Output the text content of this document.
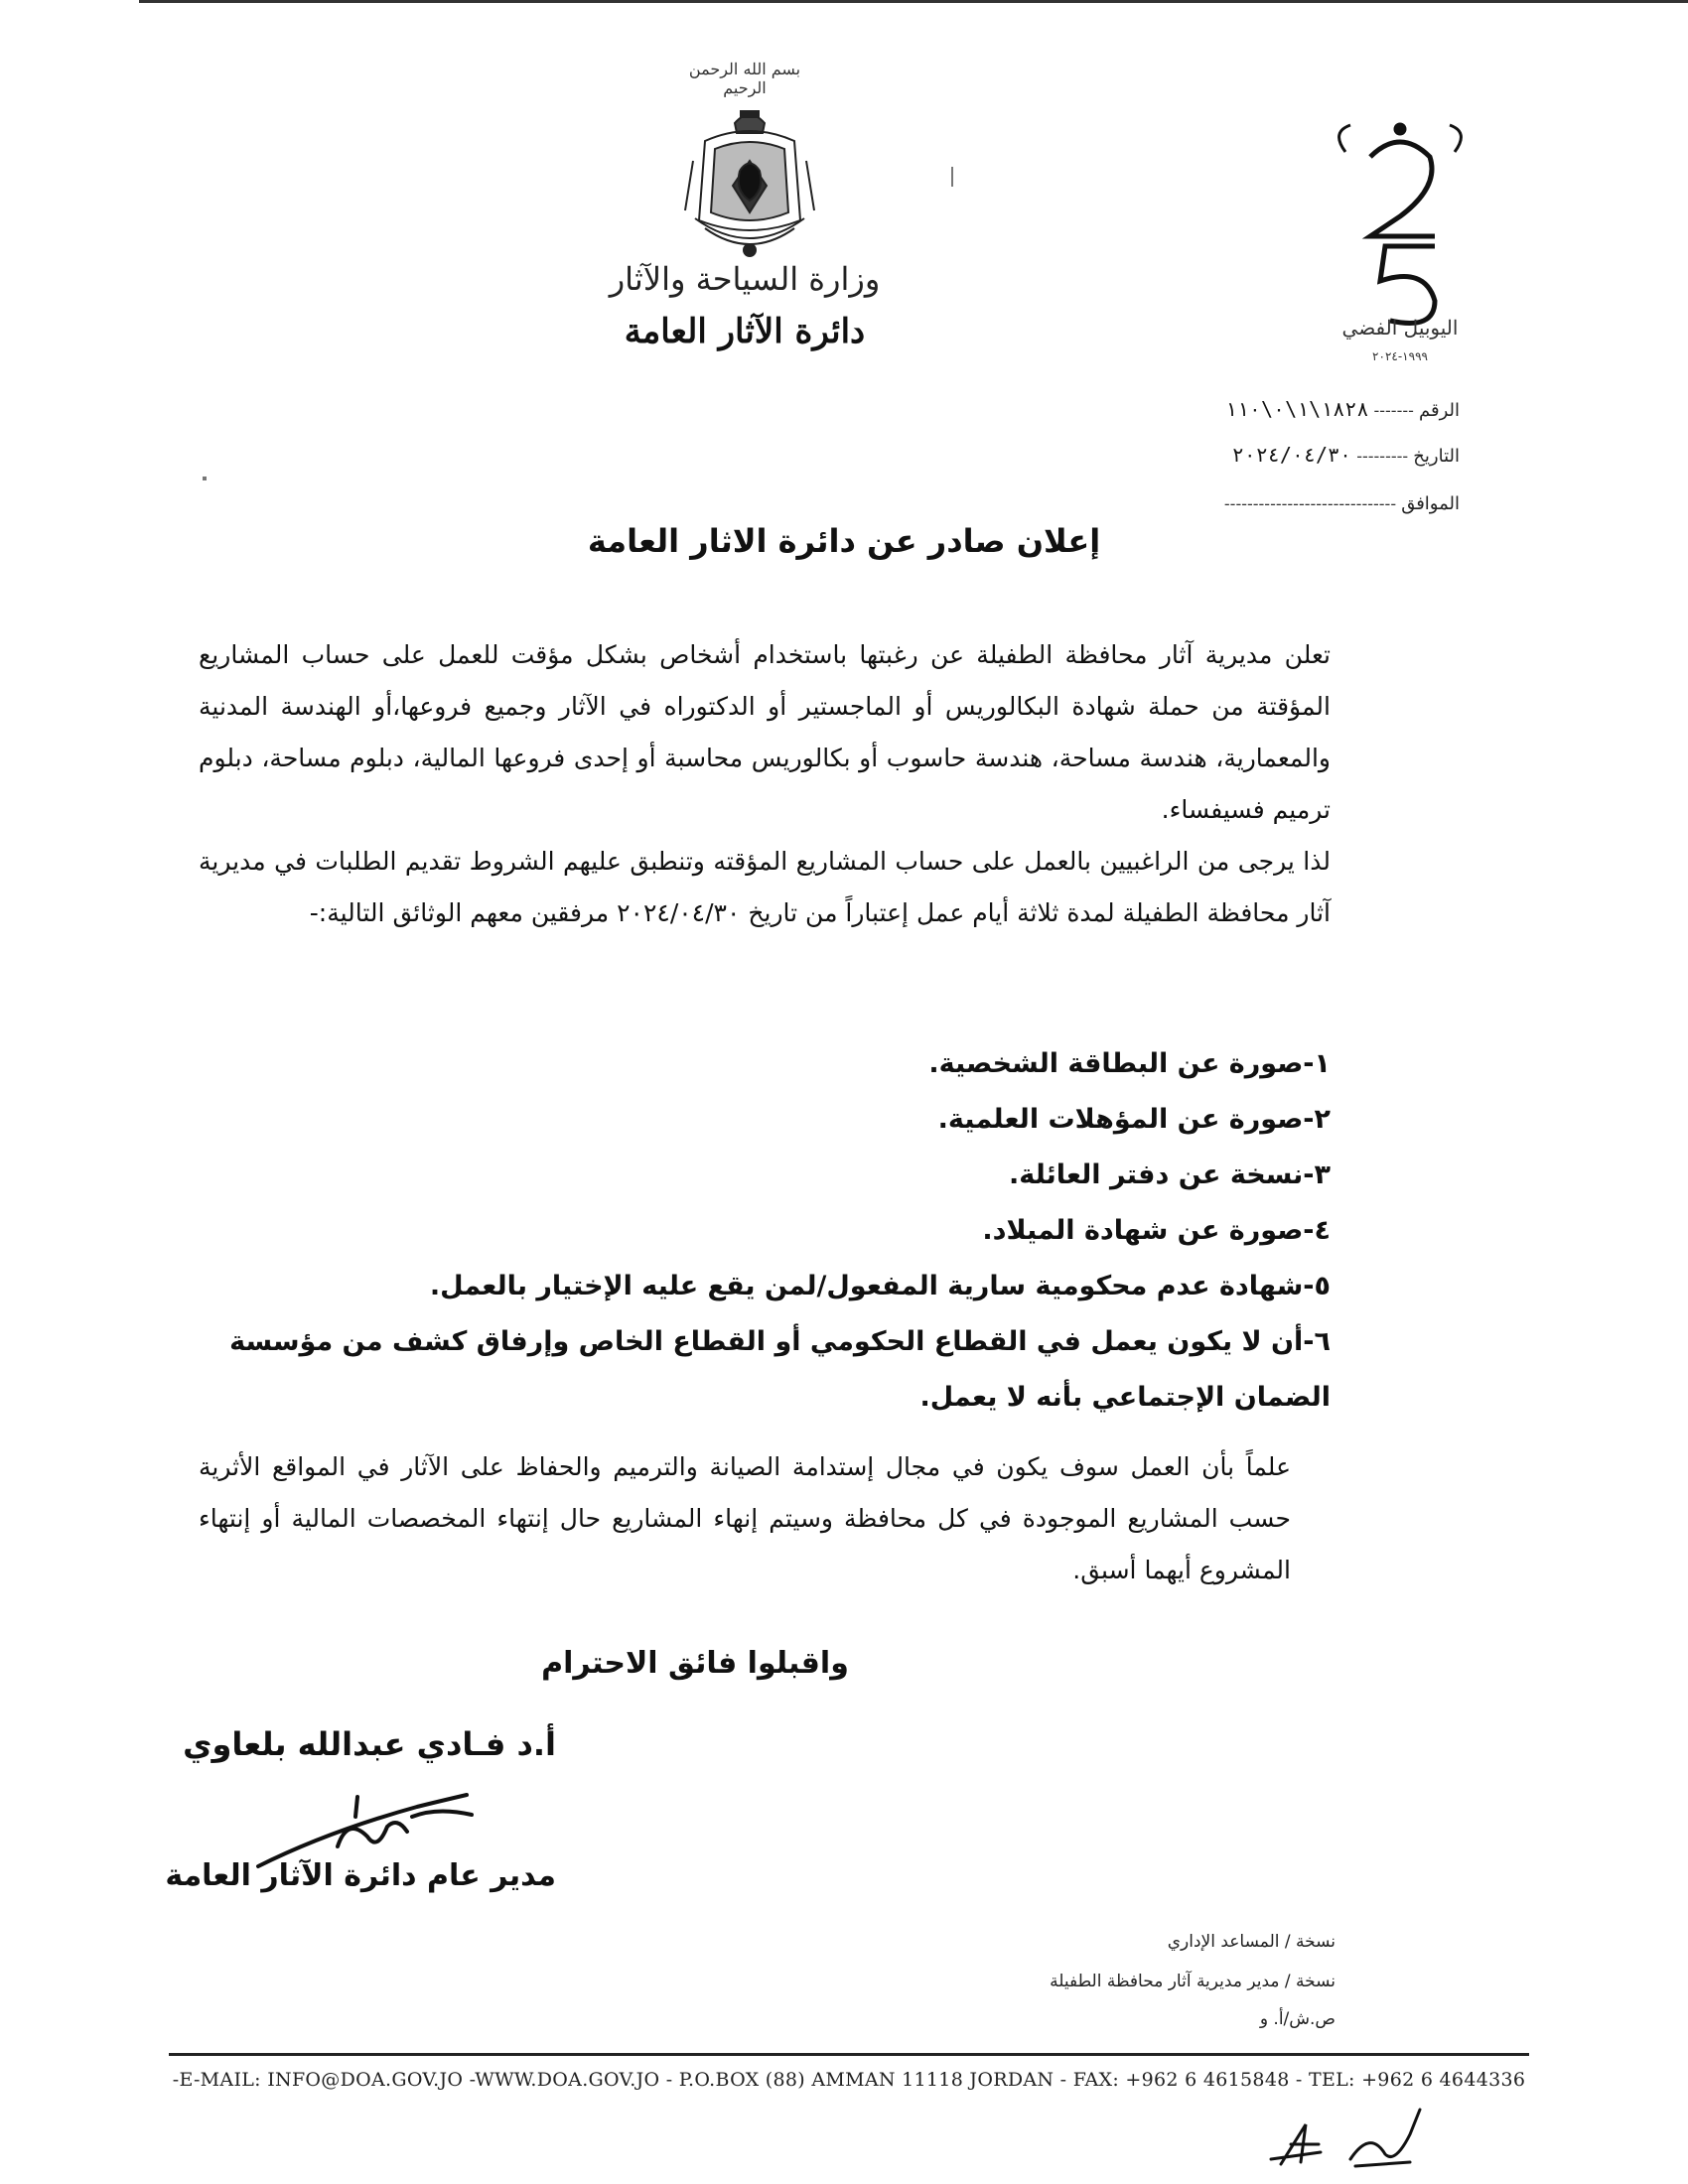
بسم الله الرحمن الرحيم
وزارة السياحة والآثار
دائرة الآثار العامة	اليوبيل الفضي
١٩٩٩-٢٠٢٤
الرقم ------- ١٨٢٨\١\٠\١١٠
التاريخ --------- ٢٠٢٤/٠٤/٣٠
الموافق ------------------------------
إعلان صادر عن دائرة الاثار العامة
تعلن مديرية آثار محافظة الطفيلة عن رغبتها باستخدام أشخاص بشكل مؤقت للعمل على حساب المشاريع المؤقتة من حملة شهادة البكالوريس أو الماجستير أو الدكتوراه في الآثار وجميع فروعها،أو الهندسة المدنية والمعمارية، هندسة مساحة، هندسة حاسوب أو بكالوريس محاسبة أو إحدى فروعها المالية، دبلوم مساحة، دبلوم ترميم فسيفساء.
لذا يرجى من الراغبيين بالعمل على حساب المشاريع المؤقته وتنطبق عليهم الشروط تقديم الطلبات في مديرية آثار محافظة الطفيلة لمدة ثلاثة أيام عمل إعتباراً من تاريخ ٢٠٢٤/٠٤/٣٠ مرفقين معهم الوثائق التالية:-
١-صورة عن البطاقة الشخصية.
٢-صورة عن المؤهلات العلمية.
٣-نسخة عن دفتر العائلة.
٤-صورة عن شهادة الميلاد.
٥-شهادة عدم محكومية سارية المفعول/لمن يقع عليه الإختيار بالعمل.
٦-أن لا يكون يعمل في القطاع الحكومي أو القطاع الخاص وإرفاق كشف من مؤسسة الضمان الإجتماعي بأنه لا يعمل.
علماً بأن العمل سوف يكون في مجال إستدامة الصيانة والترميم والحفاظ على الآثار في المواقع الأثرية حسب المشاريع الموجودة في كل محافظة وسيتم إنهاء المشاريع حال إنتهاء المخصصات المالية أو إنتهاء المشروع أيهما أسبق.
واقبلوا فائق الاحترام
أ.د فـادي عبدالله بلعاوي
مدير عام دائرة الآثار العامة
نسخة / المساعد الإداري
نسخة / مدير مديرية آثار محافظة الطفيلة
ص.ش/أ. و
-E-MAIL: INFO@DOA.GOV.JO -WWW.DOA.GOV.JO - P.O.BOX (88) AMMAN 11118 JORDAN - FAX: +962 6 4615848 - TEL: +962 6 4644336
